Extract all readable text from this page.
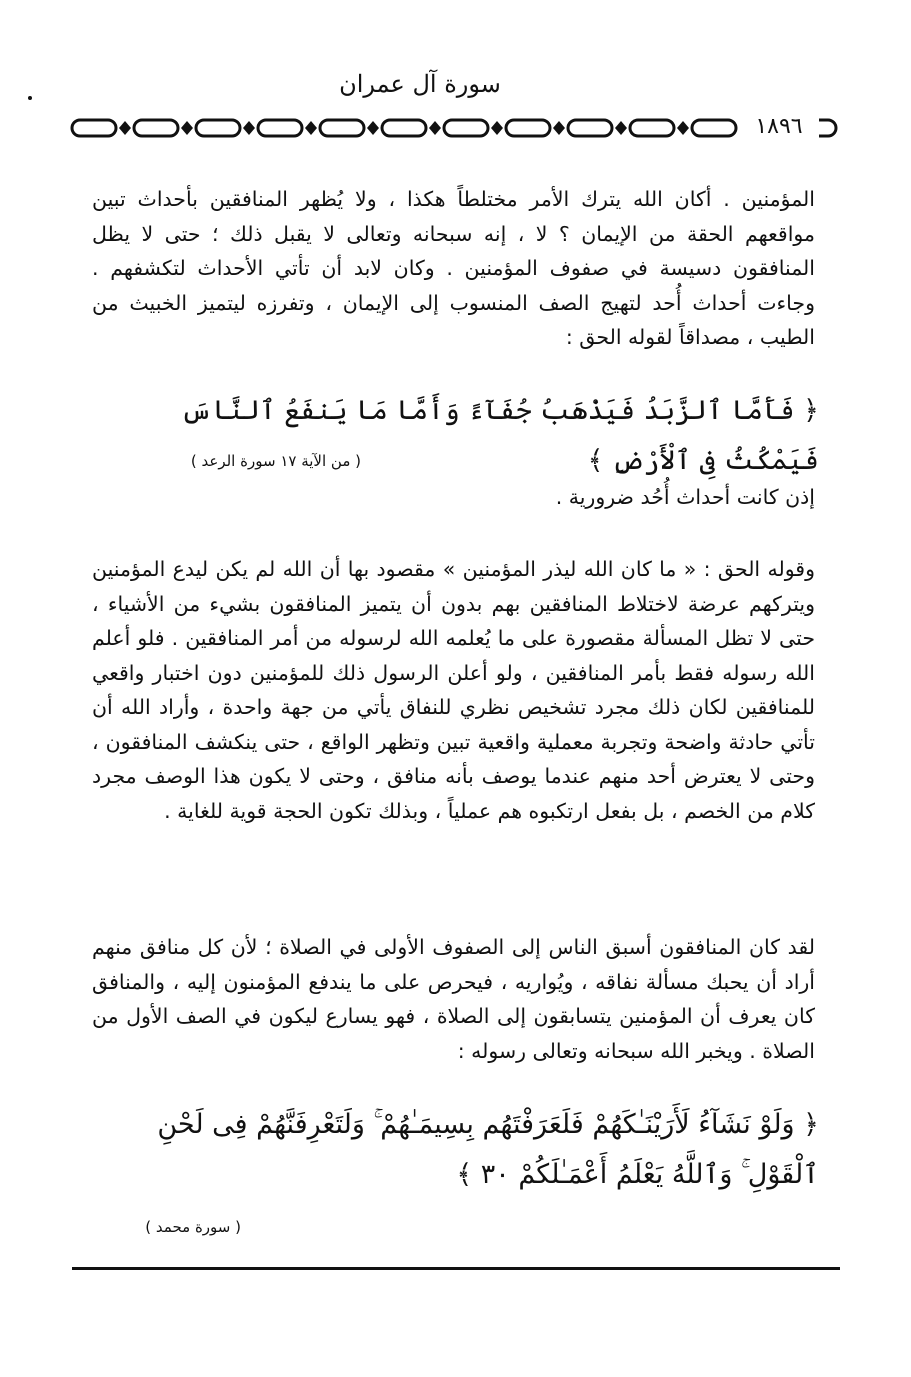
سورة آل عمران
١٨٩٦

المؤمنين . أكان الله يترك الأمر مختلطاً هكذا ، ولا يُظهر المنافقين بأحداث تبين مواقعهم الحقة من الإيمان ؟ لا ، إنه سبحانه وتعالى لا يقبل ذلك ؛ حتى لا يظل المنافقون دسيسة في صفوف المؤمنين . وكان لابد أن تأتي الأحداث لتكشفهم . وجاءت أحداث أُحد لتهيج الصف المنسوب إلى الإيمان ، وتفرزه ليتميز الخبيث من الطيب ، مصداقاً لقوله الحق :

﴿ فَأَمَّا ٱلزَّبَدُ فَيَذْهَبُ جُفَآءً وَأَمَّا مَا يَنفَعُ ٱلنَّاسَ فَيَمْكُثُ فِى ٱلْأَرْضِ ﴾

( من الآية ١٧ سورة الرعد )

إذن كانت أحداث أُحُد ضرورية .

وقوله الحق : « ما كان الله ليذر المؤمنين » مقصود بها أن الله لم يكن ليدع المؤمنين ويتركهم عرضة لاختلاط المنافقين بهم بدون أن يتميز المنافقون بشيء من الأشياء ، حتى لا تظل المسألة مقصورة على ما يُعلمه الله لرسوله من أمر المنافقين . فلو أعلم الله رسوله فقط بأمر المنافقين ، ولو أعلن الرسول ذلك للمؤمنين دون اختبار واقعي للمنافقين لكان ذلك مجرد تشخيص نظري للنفاق يأتي من جهة واحدة ، وأراد الله أن تأتي حادثة واضحة وتجربة معملية واقعية تبين وتظهر الواقع ، حتى ينكشف المنافقون ، وحتى لا يعترض أحد منهم عندما يوصف بأنه منافق ، وحتى لا يكون هذا الوصف مجرد كلام من الخصم ، بل بفعل ارتكبوه هم عملياً ، وبذلك تكون الحجة قوية للغاية .

لقد كان المنافقون أسبق الناس إلى الصفوف الأولى في الصلاة ؛ لأن كل منافق منهم أراد أن يحبك مسألة نفاقه ، ويُواريه ، فيحرص على ما يندفع المؤمنون إليه ، والمنافق كان يعرف أن المؤمنين يتسابقون إلى الصلاة ، فهو يسارع ليكون في الصف الأول من الصلاة . ويخبر الله سبحانه وتعالى رسوله :

﴿ وَلَوْ نَشَآءُ لَأَرَيْنَـٰكَهُمْ فَلَعَرَفْتَهُم بِسِيمَـٰهُمْ ۚ وَلَتَعْرِفَنَّهُمْ فِى لَحْنِ ٱلْقَوْلِ ۚ وَٱللَّهُ يَعْلَمُ أَعْمَـٰلَكُمْ ٣٠ ﴾

( سورة محمد )
